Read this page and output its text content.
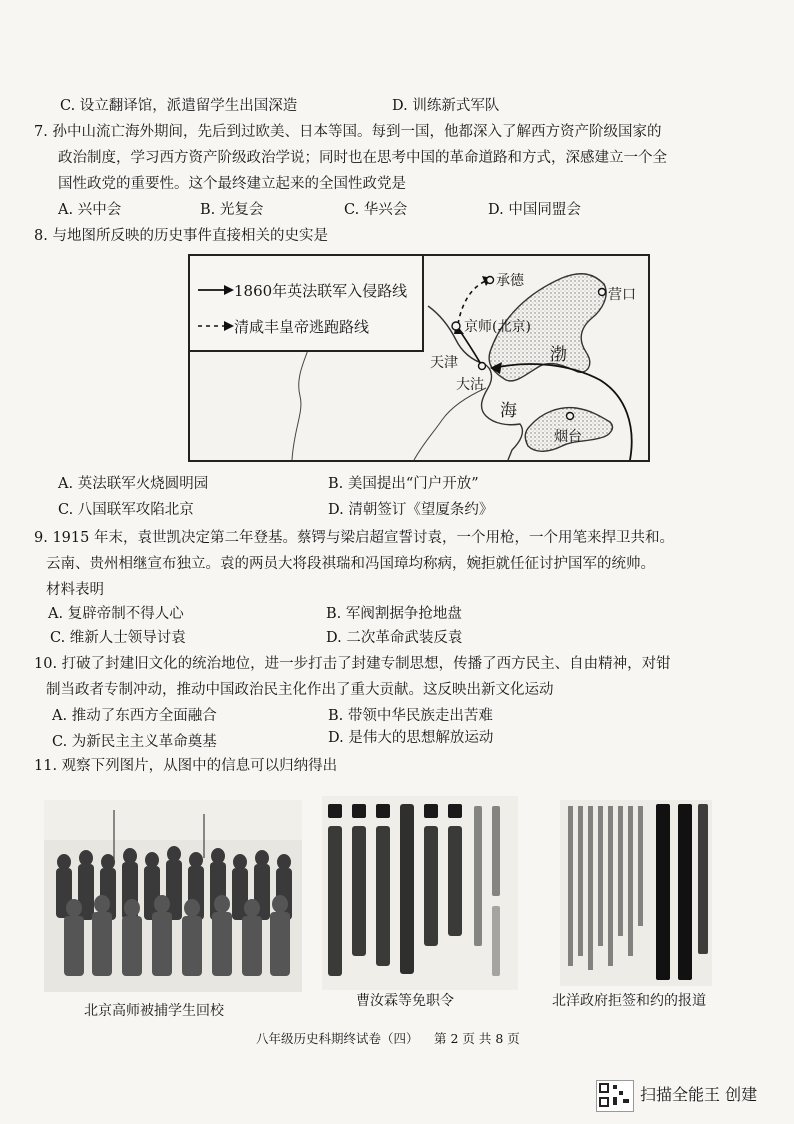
C. 设立翻译馆，派遣留学生出国深造	D. 训练新式军队
7. 孙中山流亡海外期间，先后到过欧美、日本等国。每到一国，他都深入了解西方资产阶级国家的
政治制度，学习西方资产阶级政治学说；同时也在思考中国的革命道路和方式，深感建立一个全
国性政党的重要性。这个最终建立起来的全国性政党是
A. 兴中会	B. 光复会	C. 华兴会	D. 中国同盟会
8. 与地图所反映的历史事件直接相关的史实是
1860年英法联军入侵路线
清咸丰皇帝逃跑路线
承德
营口
京师(北京)
天津
大沽
渤
海
烟台
A. 英法联军火烧圆明园	B. 美国提出“门户开放”
C. 八国联军攻陷北京	D. 清朝签订《望厦条约》
9. 1915 年末，袁世凯决定第二年登基。蔡锷与梁启超宣誓讨袁，一个用枪，一个用笔来捍卫共和。
云南、贵州相继宣布独立。袁的两员大将段祺瑞和冯国璋均称病，婉拒就任征讨护国军的统帅。
材料表明
A. 复辟帝制不得人心	B. 军阀割据争抢地盘
C. 维新人士领导讨袁	D. 二次革命武装反袁
10. 打破了封建旧文化的统治地位，进一步打击了封建专制思想，传播了西方民主、自由精神，对钳
制当政者专制冲动，推动中国政治民主化作出了重大贡献。这反映出新文化运动
A. 推动了东西方全面融合	B. 带领中华民族走出苦难
C. 为新民主主义革命奠基	D. 是伟大的思想解放运动
11. 观察下列图片，从图中的信息可以归纳得出
北京高师被捕学生回校
曹汝霖等免职令	北洋政府拒签和约的报道
八年级历史科期终试卷（四） 第 2 页 共 8 页
扫描全能王 创建
